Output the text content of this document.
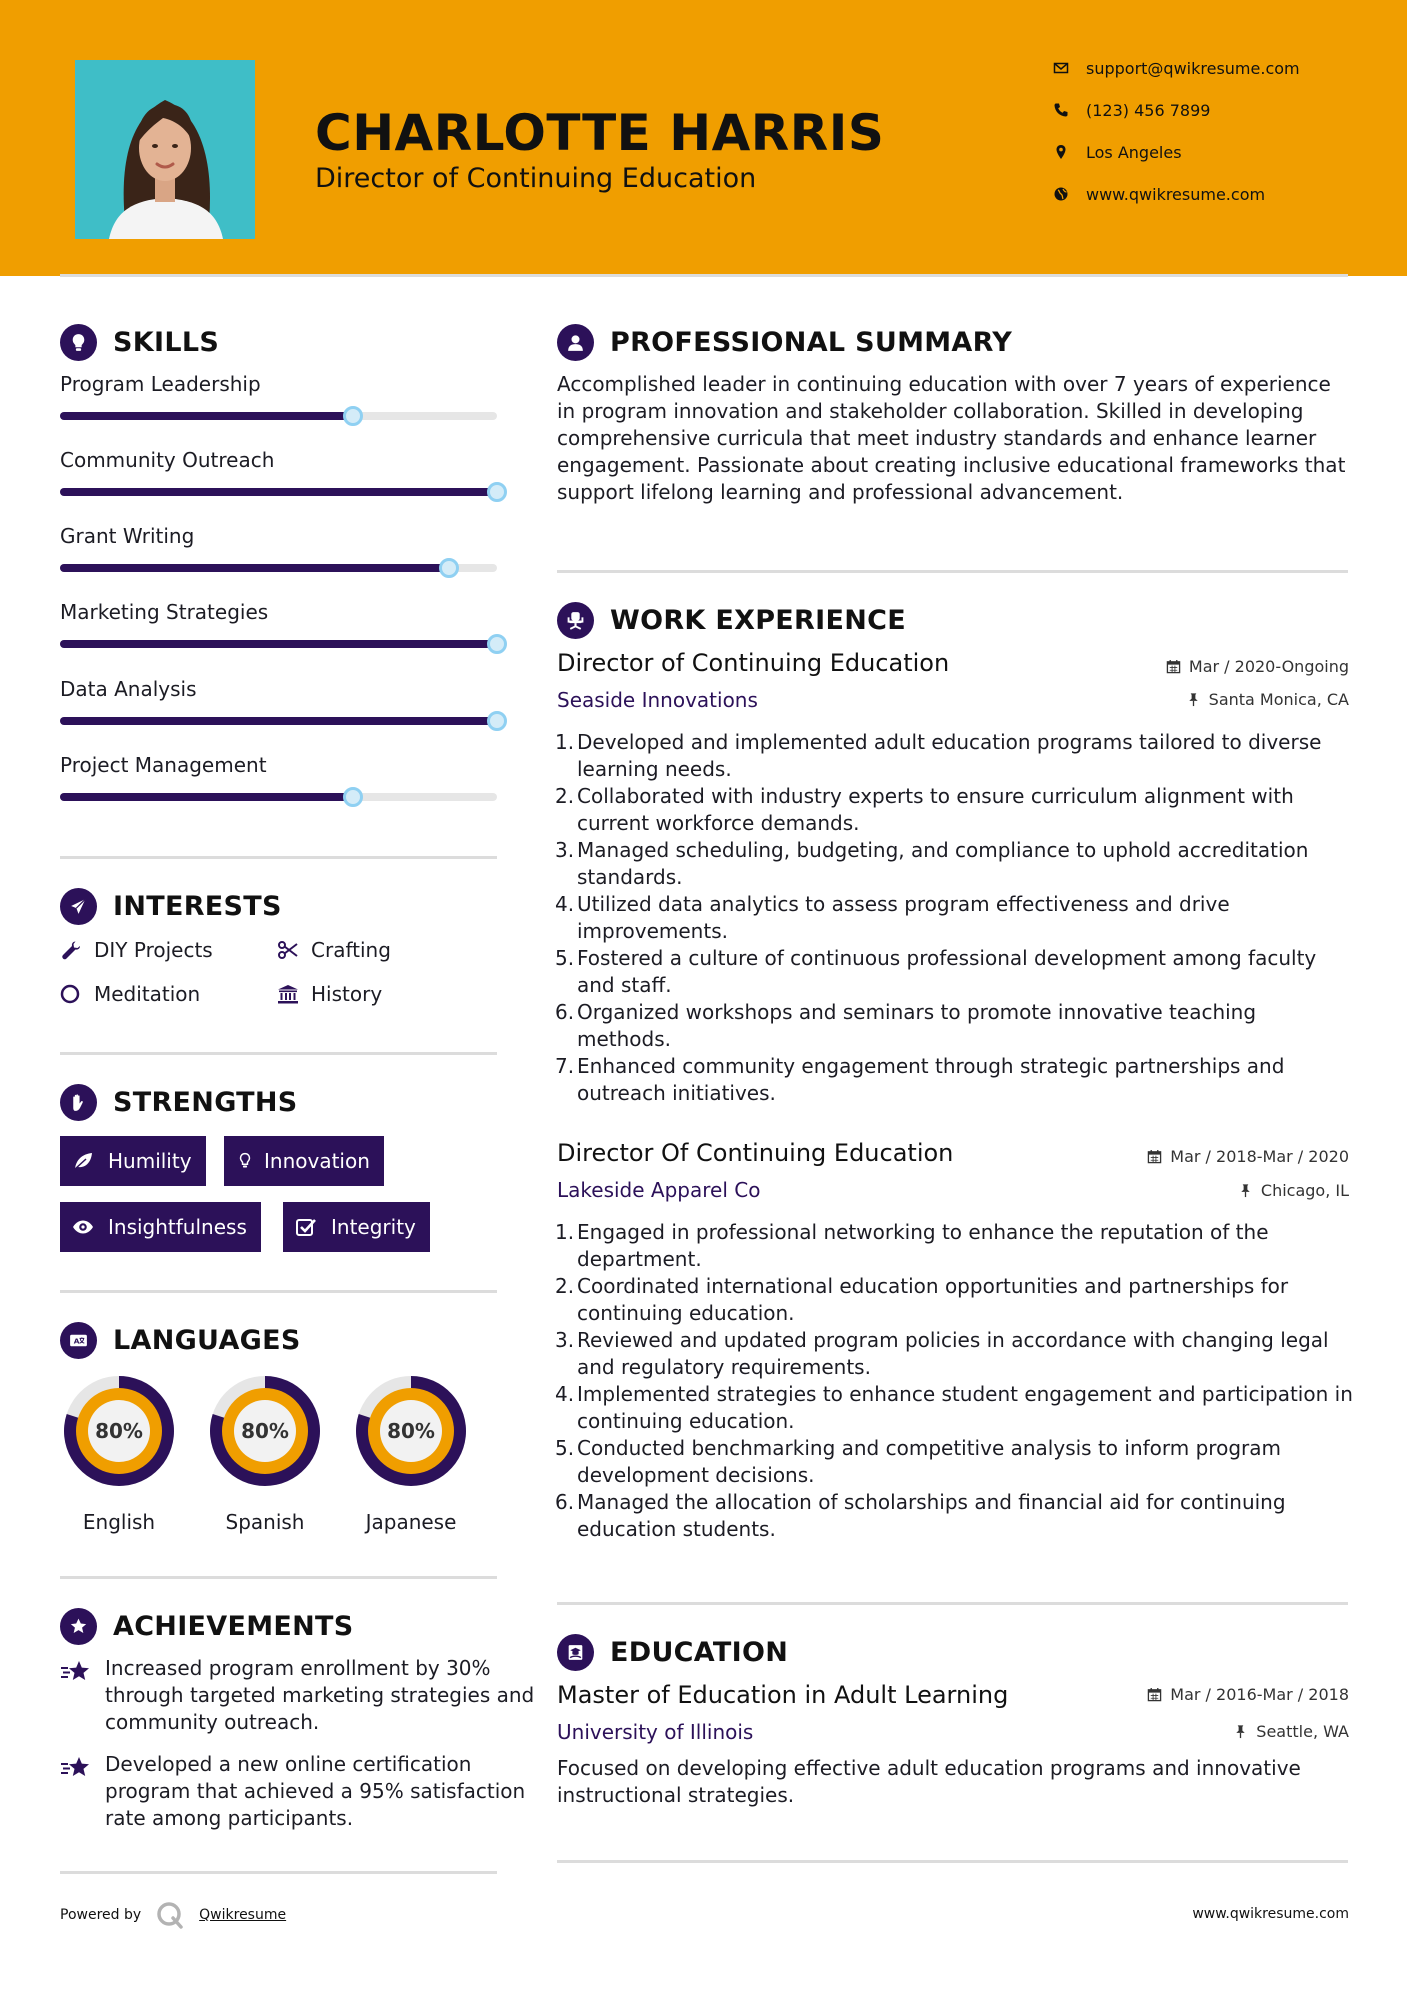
CHARLOTTE HARRIS
Director of Continuing Education
support@qwikresume.com
(123) 456 7899
Los Angeles
www.qwikresume.com
SKILLS
Program Leadership
Community Outreach
Grant Writing
Marketing Strategies
Data Analysis
Project Management
INTERESTS
DIY Projects	Crafting
Meditation	History
STRENGTHS
Humility	Innovation
Insightfulness	Integrity
A LANGUAGES
80%
English
80%
Spanish
80%
Japanese
ACHIEVEMENTS
Increased program enrollment by 30% through targeted marketing strategies and community outreach.
Developed a new online certification program that achieved a 95% satisfaction rate among participants.
PROFESSIONAL SUMMARY
Accomplished leader in continuing education with over 7 years of experience in program innovation and stakeholder collaboration. Skilled in developing comprehensive curricula that meet industry standards and enhance learner engagement. Passionate about creating inclusive educational frameworks that support lifelong learning and professional advancement.
WORK EXPERIENCE
Director of Continuing Education	Mar / 2020-Ongoing
Seaside Innovations	Santa Monica, CA
1. Developed and implemented adult education programs tailored to diverse learning needs.
2. Collaborated with industry experts to ensure curriculum alignment with current workforce demands.
3. Managed scheduling, budgeting, and compliance to uphold accreditation standards.
4. Utilized data analytics to assess program effectiveness and drive improvements.
5. Fostered a culture of continuous professional development among faculty and staff.
6. Organized workshops and seminars to promote innovative teaching methods.
7. Enhanced community engagement through strategic partnerships and outreach initiatives.
Director Of Continuing Education	Mar / 2018-Mar / 2020
Lakeside Apparel Co	Chicago, IL
1. Engaged in professional networking to enhance the reputation of the department.
2. Coordinated international education opportunities and partnerships for continuing education.
3. Reviewed and updated program policies in accordance with changing legal and regulatory requirements.
4. Implemented strategies to enhance student engagement and participation in continuing education.
5. Conducted benchmarking and competitive analysis to inform program development decisions.
6. Managed the allocation of scholarships and financial aid for continuing education students.
EDUCATION
Master of Education in Adult Learning	Mar / 2016-Mar / 2018
University of Illinois	Seattle, WA
Focused on developing effective adult education programs and innovative instructional strategies.
Powered by	Qwikresume	www.qwikresume.com
